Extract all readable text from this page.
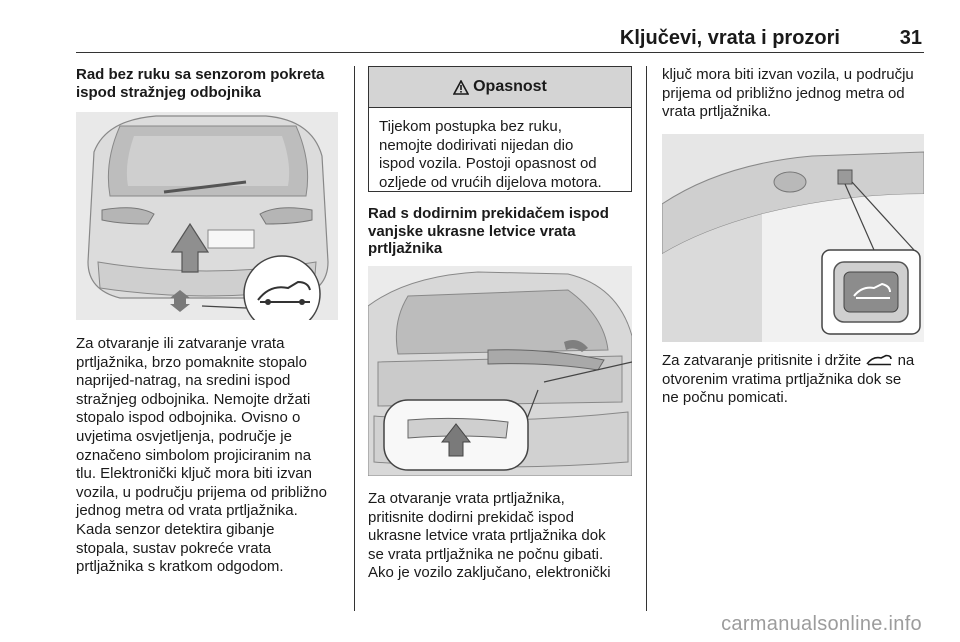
Ključevi, vrata i prozori	31

Rad bez ruku sa senzorom pokreta ispod stražnjeg odbojnika

Za otvaranje ili zatvaranje vrata

prtljažnika, brzo pomaknite stopalo

naprijed-natrag, na sredini ispod

stražnjeg odbojnika. Nemojte držati

stopalo ispod odbojnika. Ovisno o

uvjetima osvjetljenja, područje je

označeno simbolom projiciranim na

tlu. Elektronički ključ mora biti izvan

vozila, u području prijema od približno

jednog metra od vrata prtljažnika.

Kada senzor detektira gibanje

stopala, sustav pokreće vrata

prtljažnika s kratkom odgodom.

Opasnost

Tijekom postupka bez ruku,

nemojte dodirivati nijedan dio

ispod vozila. Postoji opasnost od

ozljede od vrućih dijelova motora.

Rad s dodirnim prekidačem ispod vanjske ukrasne letvice vrata prtljažnika

Za otvaranje vrata prtljažnika,

pritisnite dodirni prekidač ispod

ukrasne letvice vrata prtljažnika dok

se vrata prtljažnika ne počnu gibati.

Ako je vozilo zaključano, elektronički

ključ mora biti izvan vozila, u području

prijema od približno jednog metra od

vrata prtljažnika.

Za zatvaranje pritisnite i držite na

otvorenim vratima prtljažnika dok se

ne počnu pomicati.

carmanualsonline.info
